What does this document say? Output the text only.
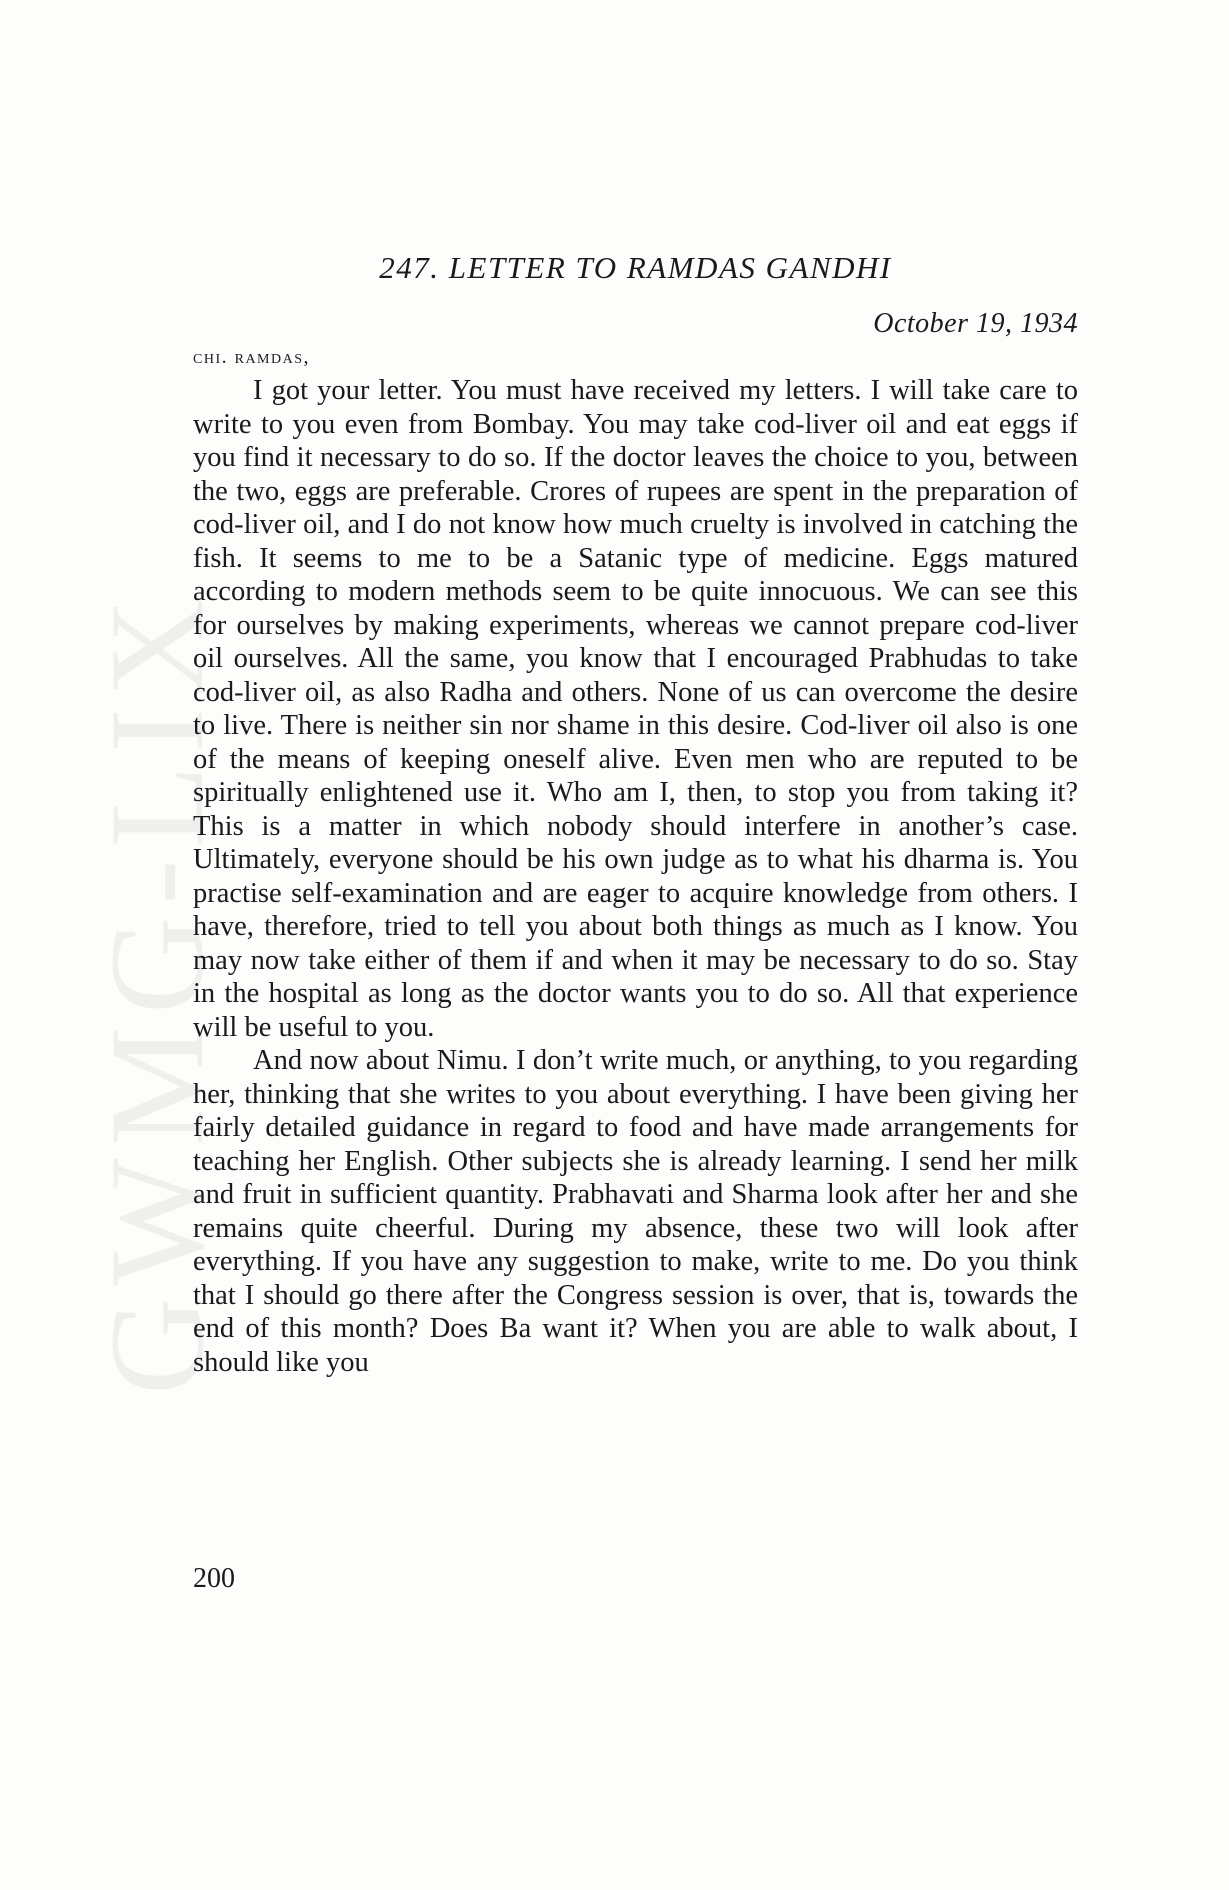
GWMG-LIX
247. LETTER TO RAMDAS GANDHI
October 19, 1934
chi. ramdas,

I got your letter. You must have received my letters. I will take care to write to you even from Bombay. You may take cod-liver oil and eat eggs if you find it necessary to do so. If the doctor leaves the choice to you, between the two, eggs are preferable. Crores of rupees are spent in the preparation of cod-liver oil, and I do not know how much cruelty is involved in catching the fish. It seems to me to be a Satanic type of medicine. Eggs matured according to modern methods seem to be quite innocuous. We can see this for ourselves by making experiments, whereas we cannot prepare cod-liver oil ourselves. All the same, you know that I encouraged Prabhudas to take cod-liver oil, as also Radha and others. None of us can overcome the desire to live. There is neither sin nor shame in this desire. Cod-liver oil also is one of the means of keeping oneself alive. Even men who are reputed to be spiritually enlightened use it. Who am I, then, to stop you from taking it? This is a matter in which nobody should interfere in another’s case. Ultimately, everyone should be his own judge as to what his dharma is. You practise self-examination and are eager to acquire knowledge from others. I have, therefore, tried to tell you about both things as much as I know. You may now take either of them if and when it may be necessary to do so. Stay in the hospital as long as the doctor wants you to do so. All that experience will be useful to you.

And now about Nimu. I don’t write much, or anything, to you regarding her, thinking that she writes to you about everything. I have been giving her fairly detailed guidance in regard to food and have made arrangements for teaching her English. Other subjects she is already learning. I send her milk and fruit in sufficient quantity. Prabhavati and Sharma look after her and she remains quite cheerful. During my absence, these two will look after everything. If you have any suggestion to make, write to me. Do you think that I should go there after the Congress session is over, that is, towards the end of this month? Does Ba want it? When you are able to walk about, I should like you

200
